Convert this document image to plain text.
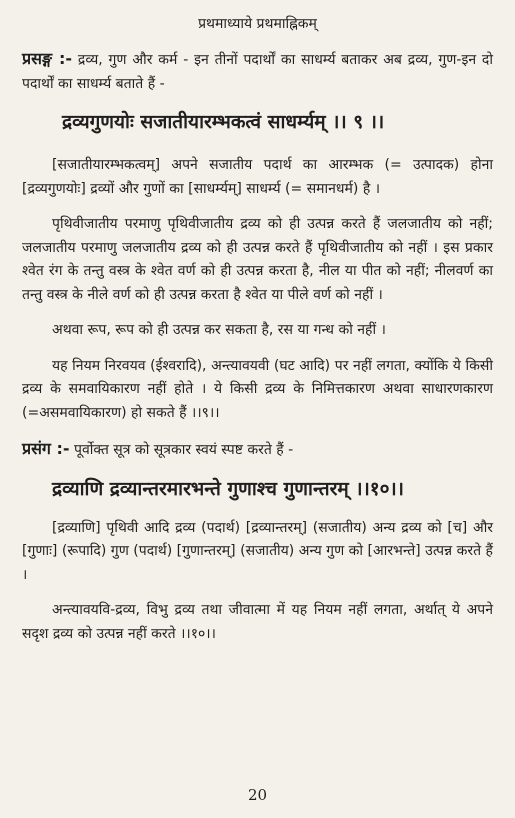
प्रथमाध्याये प्रथमाह्निकम्

प्रसङ्ग :- द्रव्य, गुण और कर्म - इन तीनों पदार्थों का साधर्म्य बताकर अब द्रव्य, गुण-इन दो पदार्थों का साधर्म्य बताते हैं -

द्रव्यगुणयोः सजातीयारम्भकत्वं साधर्म्यम् ।। ९ ।।

[सजातीयारम्भकत्वम्] अपने सजातीय पदार्थ का आरम्भक (= उत्पादक) होना [द्रव्यगुणयोः] द्रव्यों और गुणों का [साधर्म्यम्] साधर्म्य (= समानधर्म) है ।

पृथिवीजातीय परमाणु पृथिवीजातीय द्रव्य को ही उत्पन्न करते हैं जलजातीय को नहीं; जलजातीय परमाणु जलजातीय द्रव्य को ही उत्पन्न करते हैं पृथिवीजातीय को नहीं । इस प्रकार श्वेत रंग के तन्तु वस्त्र के श्वेत वर्ण को ही उत्पन्न करता है, नील या पीत को नहीं; नीलवर्ण का तन्तु वस्त्र के नीले वर्ण को ही उत्पन्न करता है श्वेत या पीले वर्ण को नहीं ।

अथवा रूप, रूप को ही उत्पन्न कर सकता है, रस या गन्ध को नहीं ।

यह नियम निरवयव (ईश्वरादि), अन्त्यावयवी (घट आदि) पर नहीं लगता, क्योंकि ये किसी द्रव्य के समवायिकारण नहीं होते । ये किसी द्रव्य के निमित्तकारण अथवा साधारणकारण (=असमवायिकारण) हो सकते हैं ।।९।।

प्रसंग :- पूर्वोक्त सूत्र को सूत्रकार स्वयं स्पष्ट करते हैं -

द्रव्याणि द्रव्यान्तरमारभन्ते गुणाश्च गुणान्तरम् ।।१०।।

[द्रव्याणि] पृथिवी आदि द्रव्य (पदार्थ) [द्रव्यान्तरम्] (सजातीय) अन्य द्रव्य को [च] और [गुणाः] (रूपादि) गुण (पदार्थ) [गुणान्तरम्] (सजातीय) अन्य गुण को [आरभन्ते] उत्पन्न करते हैं ।

अन्त्यावयवि-द्रव्य, विभु द्रव्य तथा जीवात्मा में यह नियम नहीं लगता, अर्थात् ये अपने सदृश द्रव्य को उत्पन्न नहीं करते ।।१०।।

20
